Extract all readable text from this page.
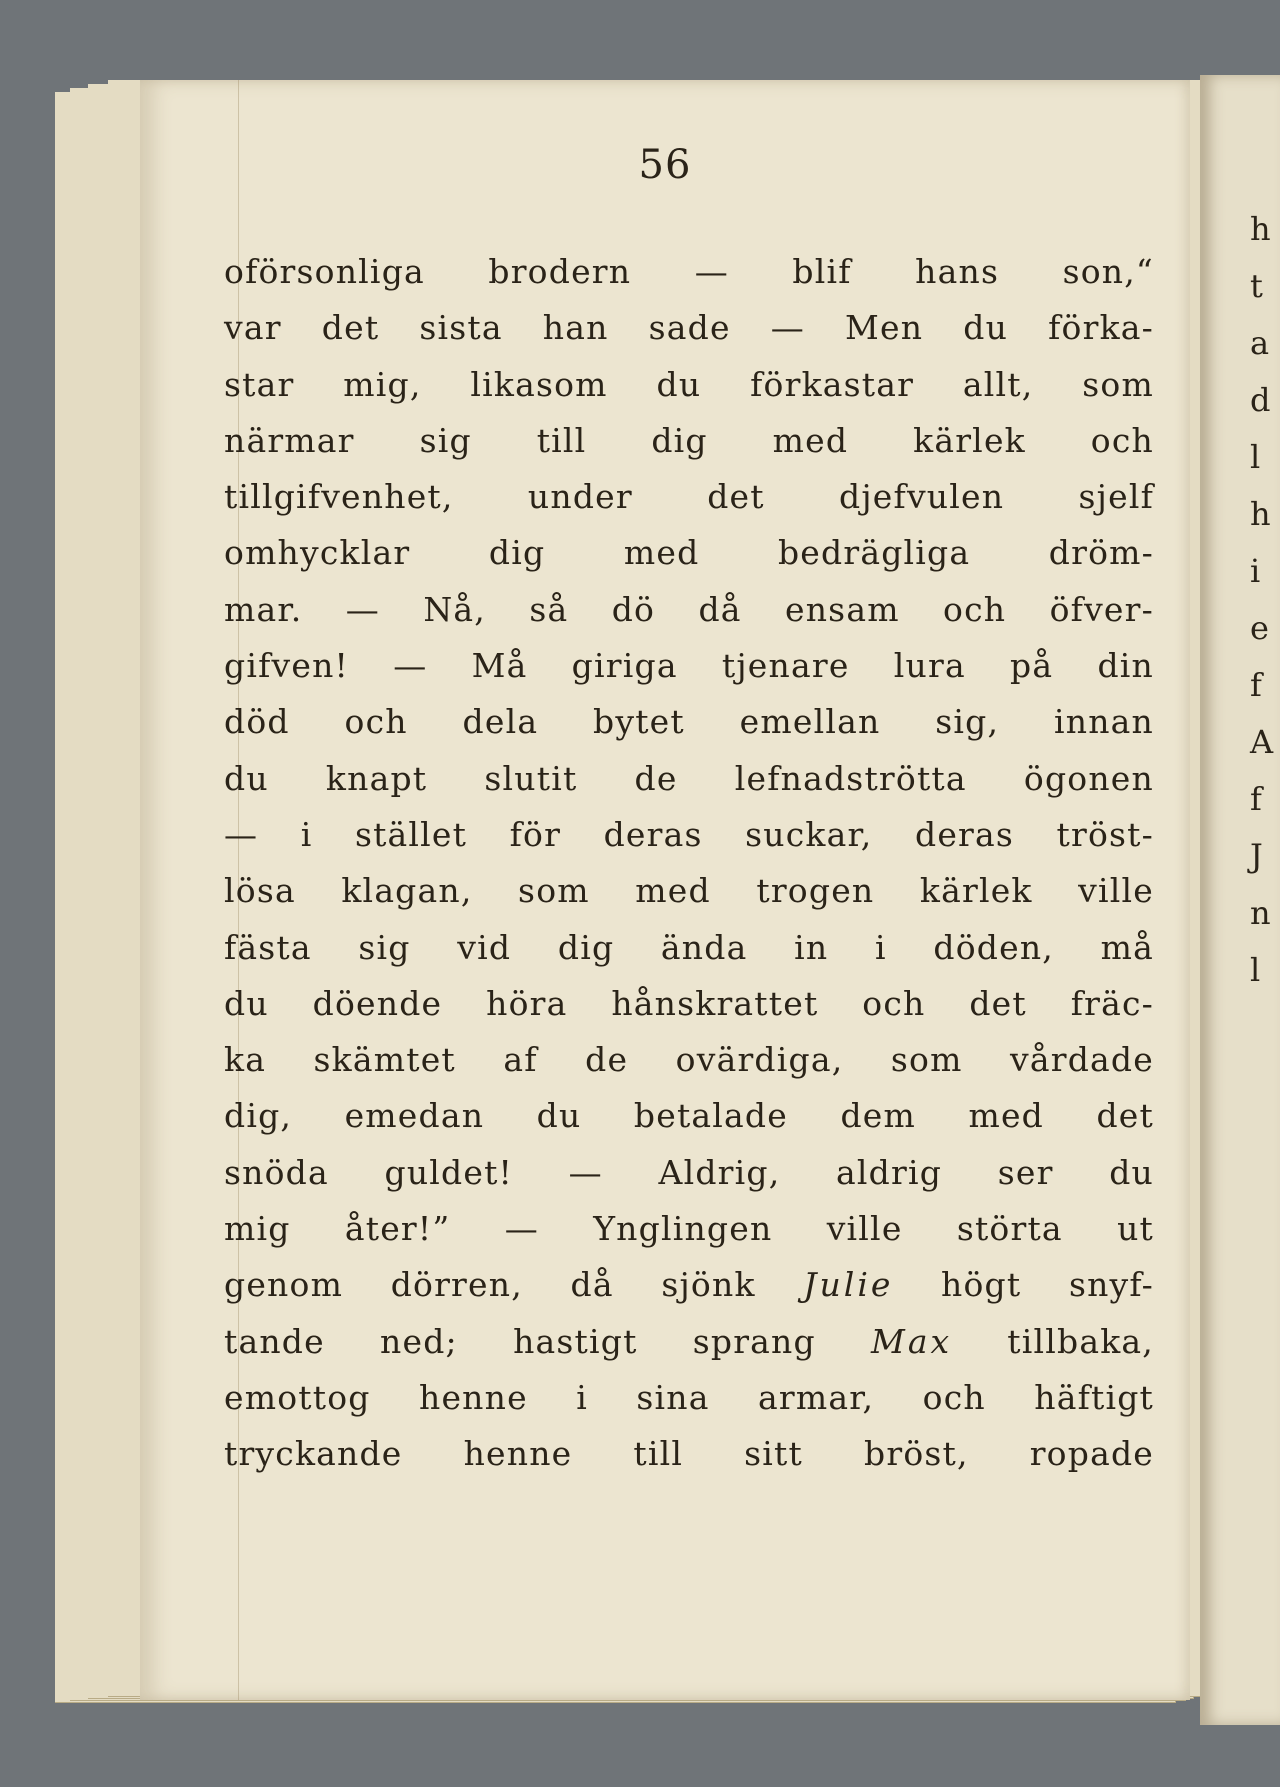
h
t
a
d
l
h
i
e
f
A
f
J
n
l
56
oförsonliga brodern — blif hans son,“
var det sista han sade — Men du förka-
star mig, likasom du förkastar allt, som
närmar sig till dig med kärlek och
tillgifvenhet, under det djefvulen sjelf
omhycklar dig med bedrägliga dröm-
mar. — Nå, så dö då ensam och öfver-
gifven! — Må giriga tjenare lura på din
död och dela bytet emellan sig, innan
du knapt slutit de lefnadströtta ögonen
— i stället för deras suckar, deras tröst-
lösa klagan, som med trogen kärlek ville
fästa sig vid dig ända in i döden, må
du döende höra hånskrattet och det fräc-
ka skämtet af de ovärdiga, som vårdade
dig, emedan du betalade dem med det
snöda guldet! — Aldrig, aldrig ser du
mig åter!” — Ynglingen ville störta ut
genom dörren, då sjönk Julie högt snyf-
tande ned; hastigt sprang Max tillbaka,
emottog henne i sina armar, och häftigt
tryckande henne till sitt bröst, ropade
